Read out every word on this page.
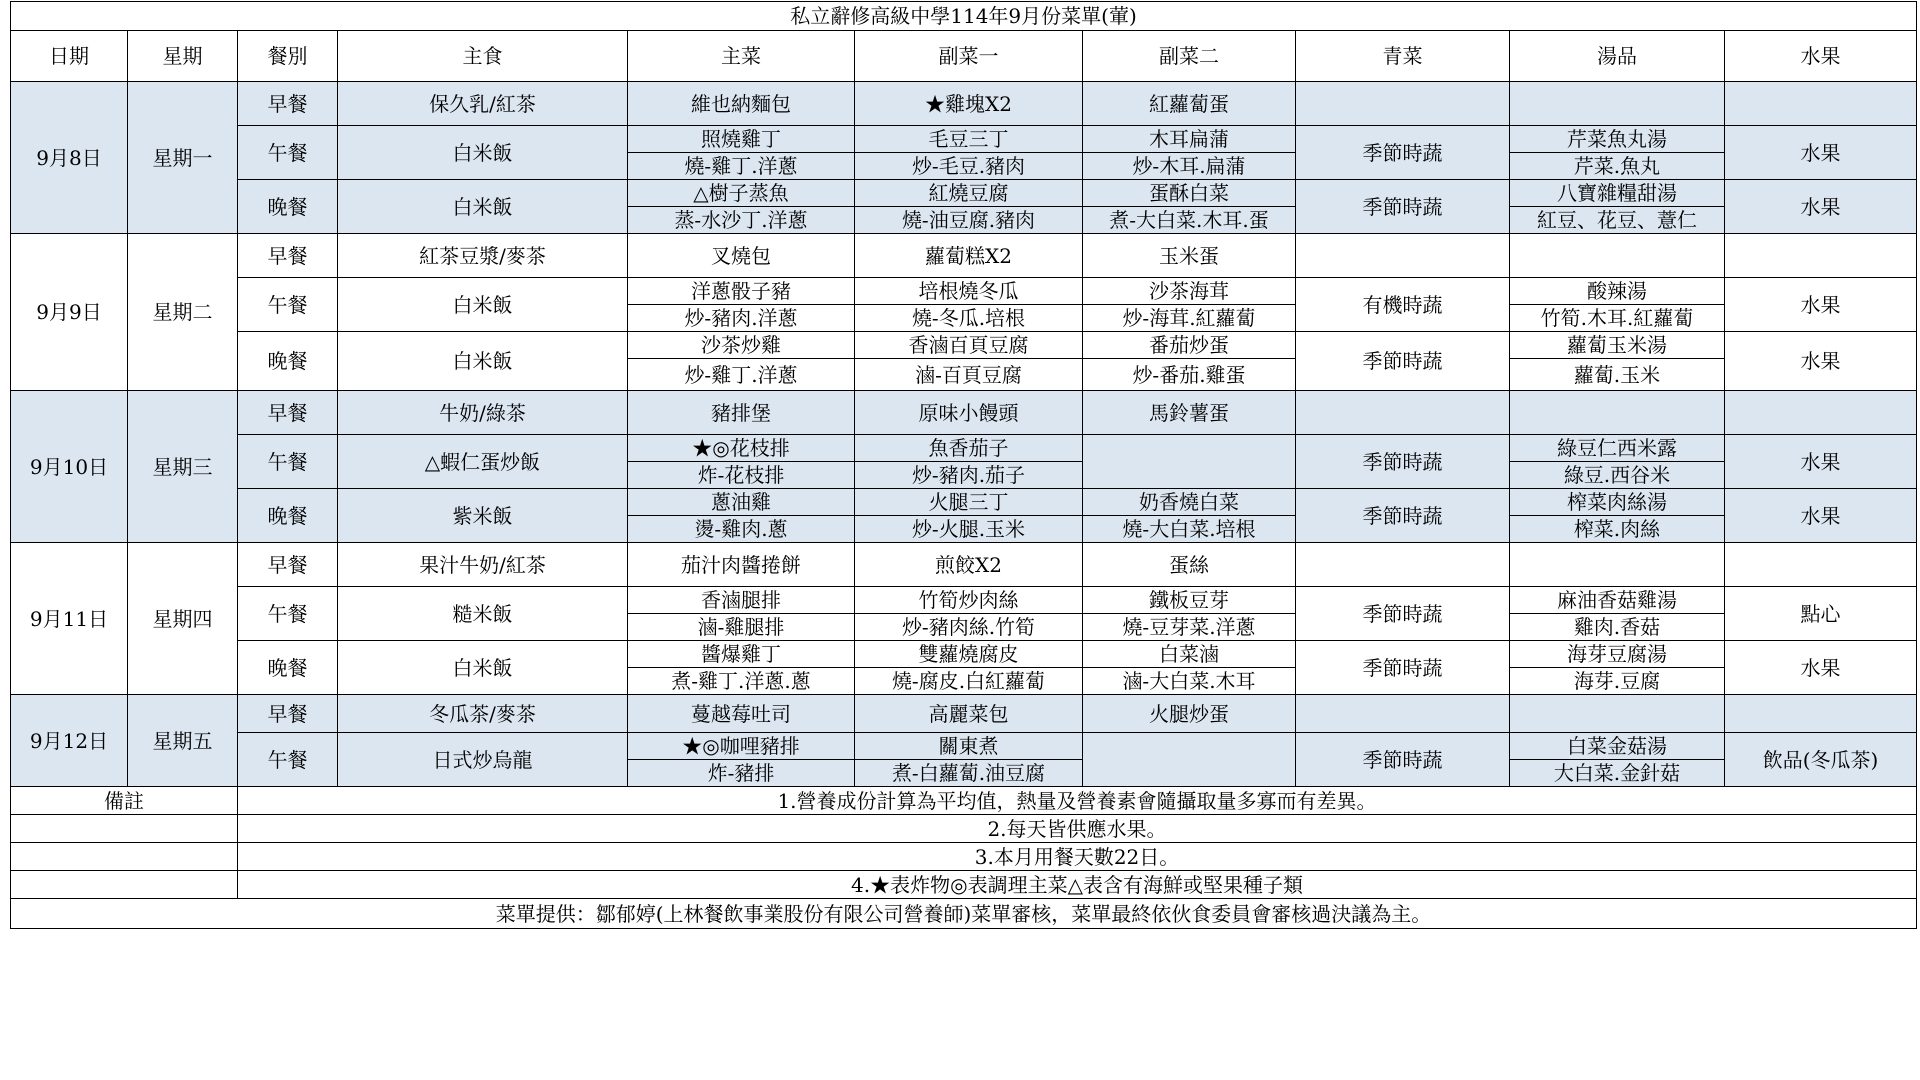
私立辭修高級中學114年9月份菜單(葷)									
日期	星期	餐別	主食	主菜	副菜一	副菜二	青菜	湯品	水果
9月8日	星期一	早餐	保久乳/紅茶	維也納麵包	★雞塊X2	紅蘿蔔蛋			
		午餐	白米飯	照燒雞丁	毛豆三丁	木耳扁蒲	季節時蔬	芹菜魚丸湯	水果
				燒-雞丁.洋蔥	炒-毛豆.豬肉	炒-木耳.扁蒲		芹菜.魚丸	
		晚餐	白米飯	△樹子蒸魚	紅燒豆腐	蛋酥白菜	季節時蔬	八寶雜糧甜湯	水果
				蒸-水沙丁.洋蔥	燒-油豆腐.豬肉	煮-大白菜.木耳.蛋		紅豆、花豆、薏仁	
9月9日	星期二	早餐	紅茶豆漿/麥茶	叉燒包	蘿蔔糕X2	玉米蛋			
		午餐	白米飯	洋蔥骰子豬	培根燒冬瓜	沙茶海茸	有機時蔬	酸辣湯	水果
				炒-豬肉.洋蔥	燒-冬瓜.培根	炒-海茸.紅蘿蔔		竹筍.木耳.紅蘿蔔	
		晚餐	白米飯	沙茶炒雞	香滷百頁豆腐	番茄炒蛋	季節時蔬	蘿蔔玉米湯	水果
				炒-雞丁.洋蔥	滷-百頁豆腐	炒-番茄.雞蛋		蘿蔔.玉米	
9月10日	星期三	早餐	牛奶/綠茶	豬排堡	原味小饅頭	馬鈴薯蛋			
		午餐	△蝦仁蛋炒飯	★◎花枝排	魚香茄子		季節時蔬	綠豆仁西米露	水果
				炸-花枝排	炒-豬肉.茄子			綠豆.西谷米	
		晚餐	紫米飯	蔥油雞	火腿三丁	奶香燒白菜	季節時蔬	榨菜肉絲湯	水果
				燙-雞肉.蔥	炒-火腿.玉米	燒-大白菜.培根		榨菜.肉絲	
9月11日	星期四	早餐	果汁牛奶/紅茶	茄汁肉醬捲餅	煎餃X2	蛋絲			
		午餐	糙米飯	香滷腿排	竹筍炒肉絲	鐵板豆芽	季節時蔬	麻油香菇雞湯	點心
				滷-雞腿排	炒-豬肉絲.竹筍	燒-豆芽菜.洋蔥		雞肉.香菇	
		晚餐	白米飯	醬爆雞丁	雙蘿燒腐皮	白菜滷	季節時蔬	海芽豆腐湯	水果
				煮-雞丁.洋蔥.蔥	燒-腐皮.白紅蘿蔔	滷-大白菜.木耳		海芽.豆腐	
9月12日	星期五	早餐	冬瓜茶/麥茶	蔓越莓吐司	高麗菜包	火腿炒蛋			
		午餐	日式炒烏龍	★◎咖哩豬排	關東煮		季節時蔬	白菜金菇湯	飲品(冬瓜茶)
				炸-豬排	煮-白蘿蔔.油豆腐			大白菜.金針菇	
備註		1.營養成份計算為平均值，熱量及營養素會隨攝取量多寡而有差異。							
		2.每天皆供應水果。							
		3.本月用餐天數22日。							
		4.★表炸物◎表調理主菜△表含有海鮮或堅果種子類							
菜單提供：鄒郁婷(上林餐飲事業股份有限公司營養師)菜單審核，菜單最終依伙食委員會審核過決議為主。									
